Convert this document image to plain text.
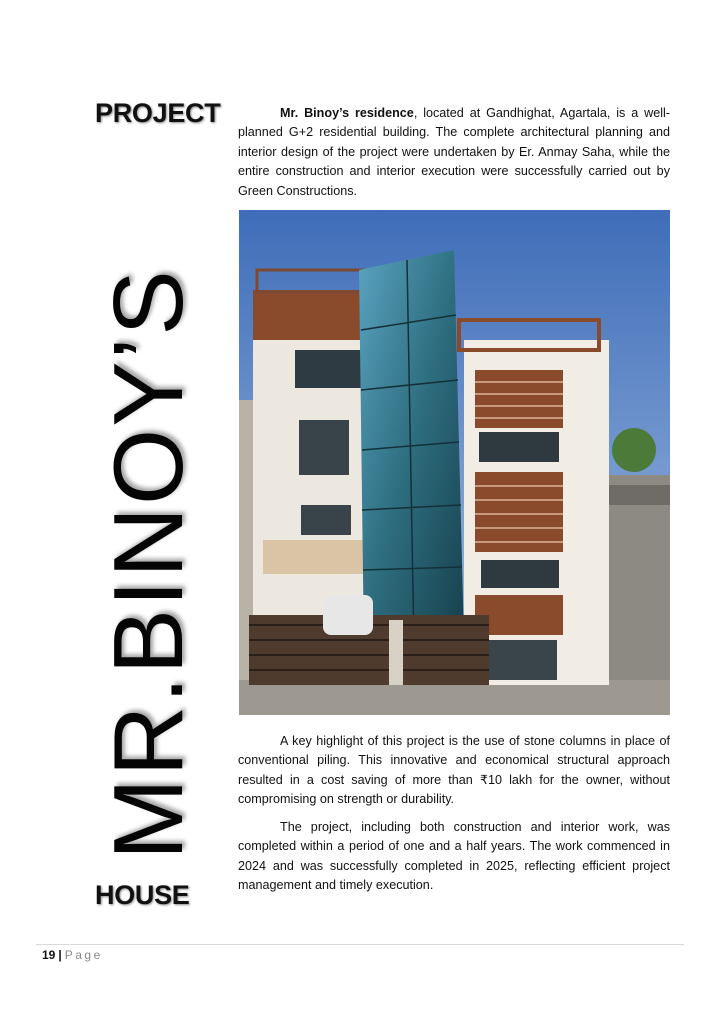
PROJECT
MR.BINOY’S
HOUSE

Mr. Binoy’s residence, located at Gandhighat, Agartala, is a well-planned G+2 residential building. The complete architectural planning and interior design of the project were undertaken by Er. Anmay Saha, while the entire construction and interior execution were successfully carried out by Green Constructions.

A key highlight of this project is the use of stone columns in place of conventional piling. This innovative and economical structural approach resulted in a cost saving of more than ₹10 lakh for the owner, without compromising on strength or durability.

The project, including both construction and interior work, was completed within a period of one and a half years. The work commenced in 2024 and was successfully completed in 2025, reflecting efficient project management and timely execution.

19 | Page
